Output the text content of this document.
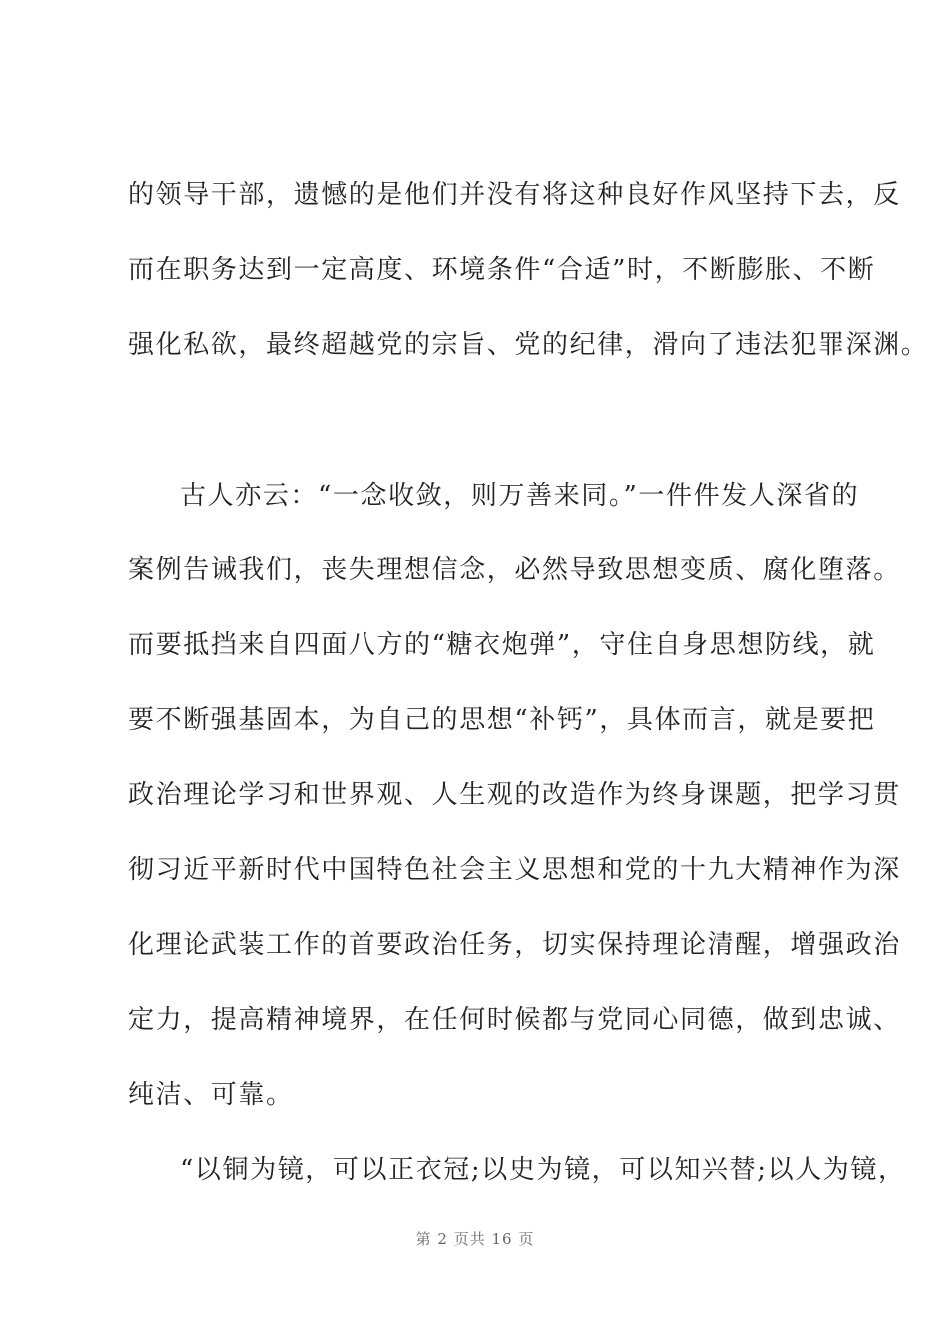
的领导干部，遗憾的是他们并没有将这种良好作风坚持下去，反
而在职务达到一定高度、环境条件“合适”时，不断膨胀、不断
强化私欲，最终超越党的宗旨、党的纪律，滑向了违法犯罪深渊。
古人亦云：“一念收敛，则万善来同。”一件件发人深省的
案例告诫我们，丧失理想信念，必然导致思想变质、腐化堕落。
而要抵挡来自四面八方的“糖衣炮弹”，守住自身思想防线，就
要不断强基固本，为自己的思想“补钙”，具体而言，就是要把
政治理论学习和世界观、人生观的改造作为终身课题，把学习贯
彻习近平新时代中国特色社会主义思想和党的十九大精神作为深
化理论武装工作的首要政治任务，切实保持理论清醒，增强政治
定力，提高精神境界，在任何时候都与党同心同德，做到忠诚、
纯洁、可靠。
“以铜为镜，可以正衣冠;以史为镜，可以知兴替;以人为镜，
第 2 页共 16 页
